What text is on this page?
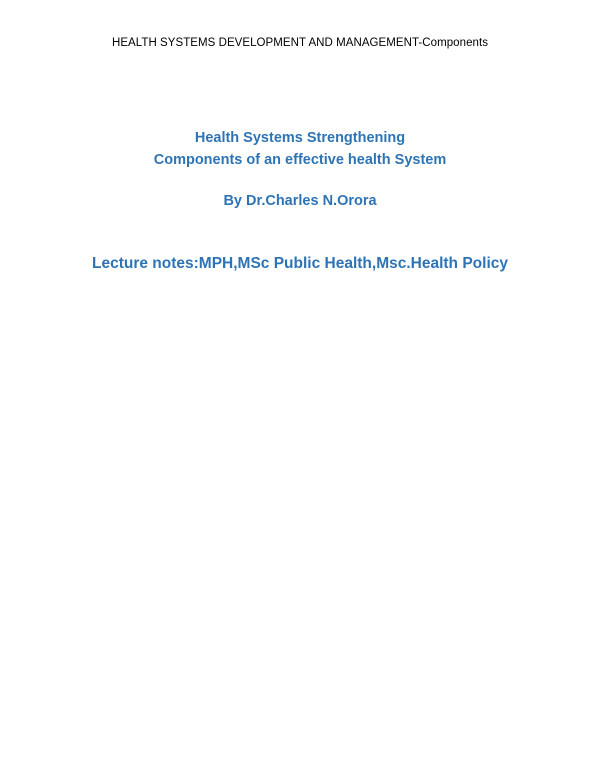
HEALTH SYSTEMS DEVELOPMENT AND MANAGEMENT-Components
Health Systems Strengthening
Components of an effective health System
By Dr.Charles N.Orora
Lecture notes:MPH,MSc Public Health,Msc.Health Policy
